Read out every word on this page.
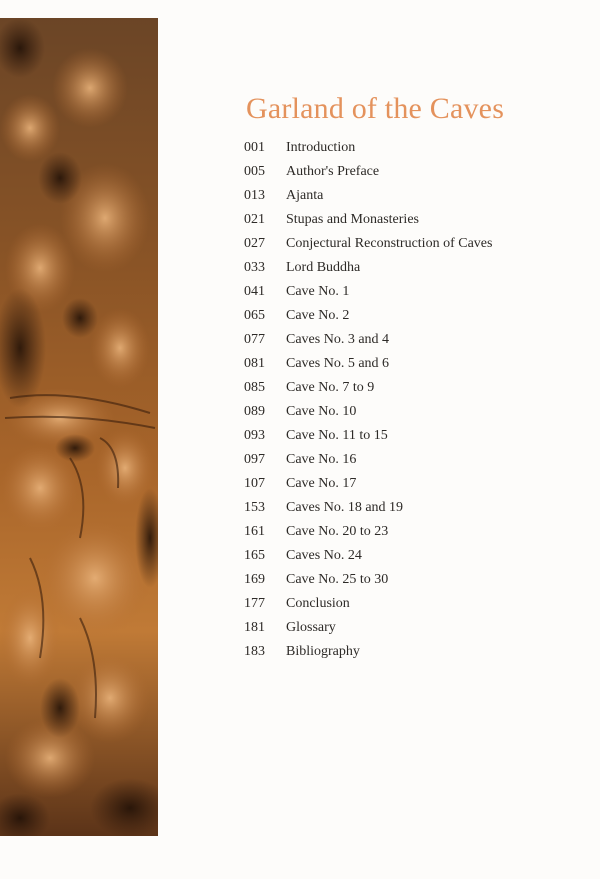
Garland of the Caves
001	Introduction
005	Author's Preface
013	Ajanta
021	Stupas and Monasteries
027	Conjectural Reconstruction of Caves
033	Lord Buddha
041	Cave No. 1
065	Cave No. 2
077	Caves No. 3 and 4
081	Caves No. 5 and 6
085	Cave No. 7 to 9
089	Cave No. 10
093	Cave No. 11 to 15
097	Cave No. 16
107	Cave No. 17
153	Caves No. 18 and 19
161	Cave No. 20 to 23
165	Caves No. 24
169	Cave No. 25 to 30
177	Conclusion
181	Glossary
183	Bibliography
